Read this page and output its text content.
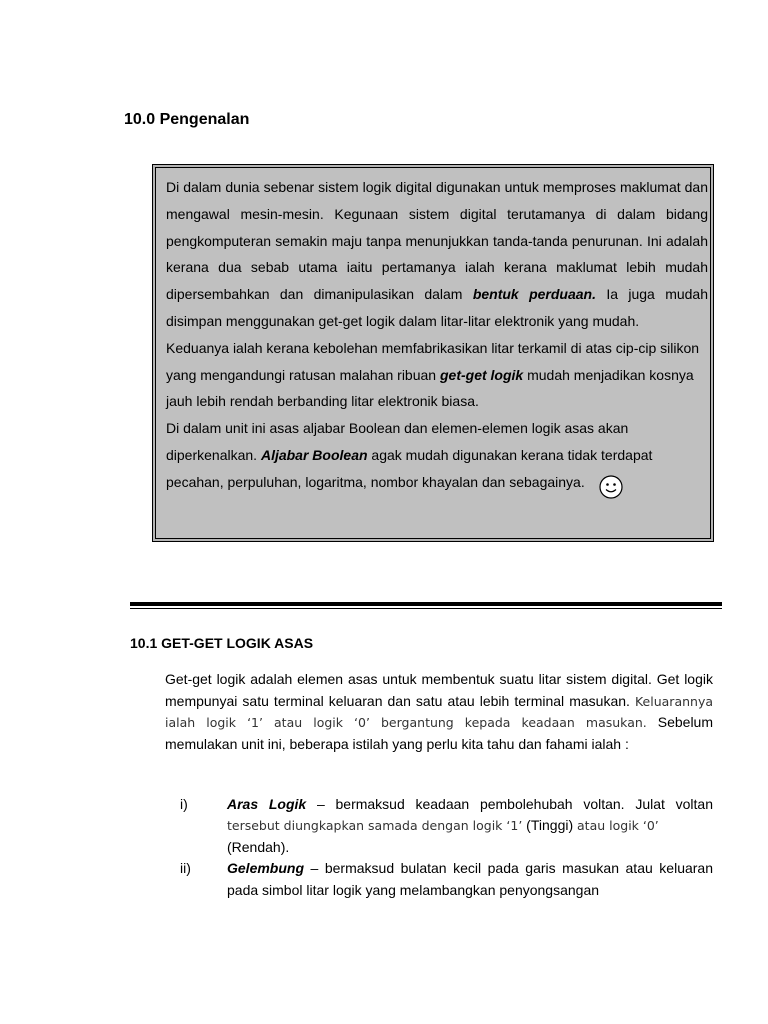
10.0 Pengenalan

Di dalam dunia sebenar sistem logik digital digunakan untuk memproses maklumat dan mengawal mesin-mesin. Kegunaan sistem digital terutamanya di dalam bidang pengkomputeran semakin maju tanpa menunjukkan tanda-tanda penurunan. Ini adalah kerana dua sebab utama iaitu pertamanya ialah kerana maklumat lebih mudah dipersembahkan dan dimanipulasikan dalam bentuk perduaan. Ia juga mudah disimpan menggunakan get-get logik dalam litar-litar elektronik yang mudah.

Keduanya ialah kerana kebolehan memfabrikasikan litar terkamil di atas cip-cip silikon yang mengandungi ratusan malahan ribuan get-get logik mudah menjadikan kosnya jauh lebih rendah berbanding litar elektronik biasa.

Di dalam unit ini asas aljabar Boolean dan elemen-elemen logik asas akan diperkenalkan. Aljabar Boolean agak mudah digunakan kerana tidak terdapat pecahan, perpuluhan, logaritma, nombor khayalan dan sebagainya.

10.1 GET-GET LOGIK ASAS

Get-get logik adalah elemen asas untuk membentuk suatu litar sistem digital. Get logik mempunyai satu terminal keluaran dan satu atau lebih terminal masukan. Keluarannya ialah logik ‘1’ atau logik ‘0’ bergantung kepada keadaan masukan. Sebelum memulakan unit ini, beberapa istilah yang perlu kita tahu dan fahami ialah :

i)	Aras Logik – bermaksud keadaan pembolehubah voltan. Julat voltan tersebut diungkapkan samada dengan logik ‘1’ (Tinggi) atau logik ‘0’
(Rendah).
ii)	Gelembung – bermaksud bulatan kecil pada garis masukan atau keluaran pada simbol litar logik yang melambangkan penyongsangan
